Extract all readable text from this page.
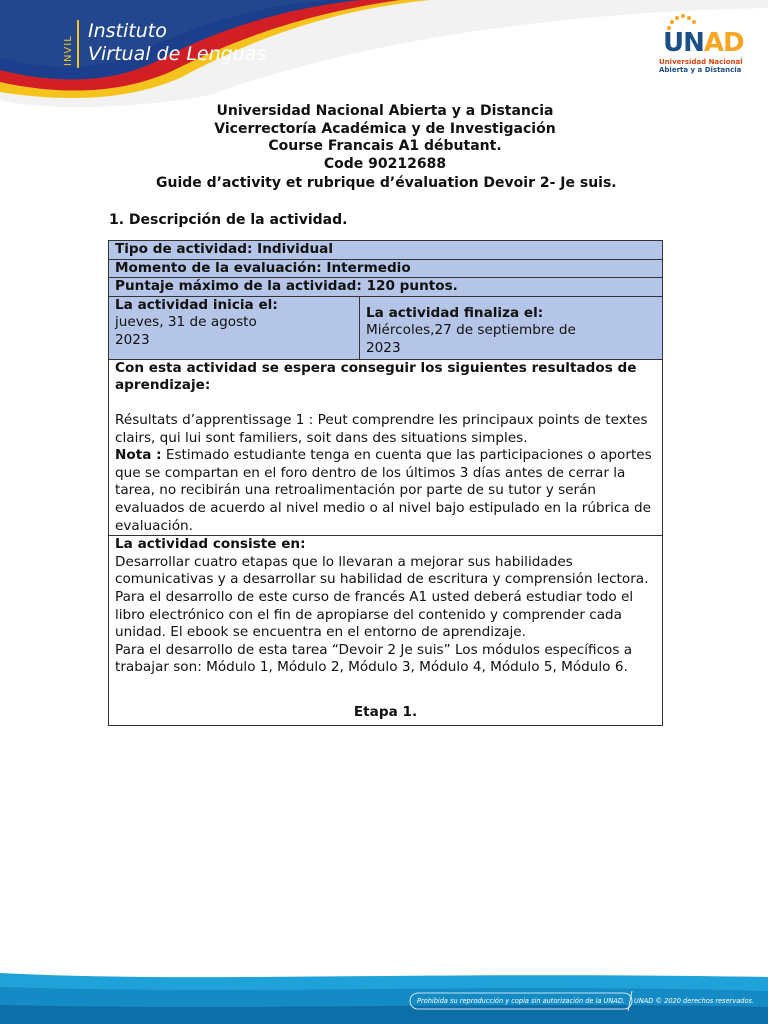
INVIL
Instituto
Virtual de Lenguas	UNAD
Universidad Nacional
Abierta y a Distancia
Universidad Nacional Abierta y a Distancia
Vicerrectoría Académica y de Investigación
Course Francais A1 débutant.
Code 90212688
Guide d’activity et rubrique d’évaluation Devoir 2- Je suis.
1. Descripción de la actividad.
Tipo de actividad: Individual
Momento de la evaluación: Intermedio
Puntaje máximo de la actividad: 120 puntos.

La actividad inicia el:
jueves, 31 de agosto
2023

La actividad finaliza el:
Miércoles,27 de septiembre de
2023

Con esta actividad se espera conseguir los siguientes resultados de aprendizaje:
Résultats d’apprentissage 1 : Peut comprendre les principaux points de textes clairs, qui lui sont familiers, soit dans des situations simples.
Nota : Estimado estudiante tenga en cuenta que las participaciones o aportes que se compartan en el foro dentro de los últimos 3 días antes de cerrar la tarea, no recibirán una retroalimentación por parte de su tutor y serán evaluados de acuerdo al nivel medio o al nivel bajo estipulado en la rúbrica de evaluación.

La actividad consiste en:
Desarrollar cuatro etapas que lo llevaran a mejorar sus habilidades comunicativas y a desarrollar su habilidad de escritura y comprensión lectora. Para el desarrollo de este curso de francés A1 usted deberá estudiar todo el libro electrónico con el fin de apropiarse del contenido y comprender cada unidad. El ebook se encuentra en el entorno de aprendizaje.
Para el desarrollo de esta tarea “Devoir 2 Je suis” Los módulos específicos a trabajar son: Módulo 1, Módulo 2, Módulo 3, Módulo 4, Módulo 5, Módulo 6.
Etapa 1.
Prohibida su reproducción y copia sin autorización de la UNAD.	UNAD © 2020 derechos reservados.
